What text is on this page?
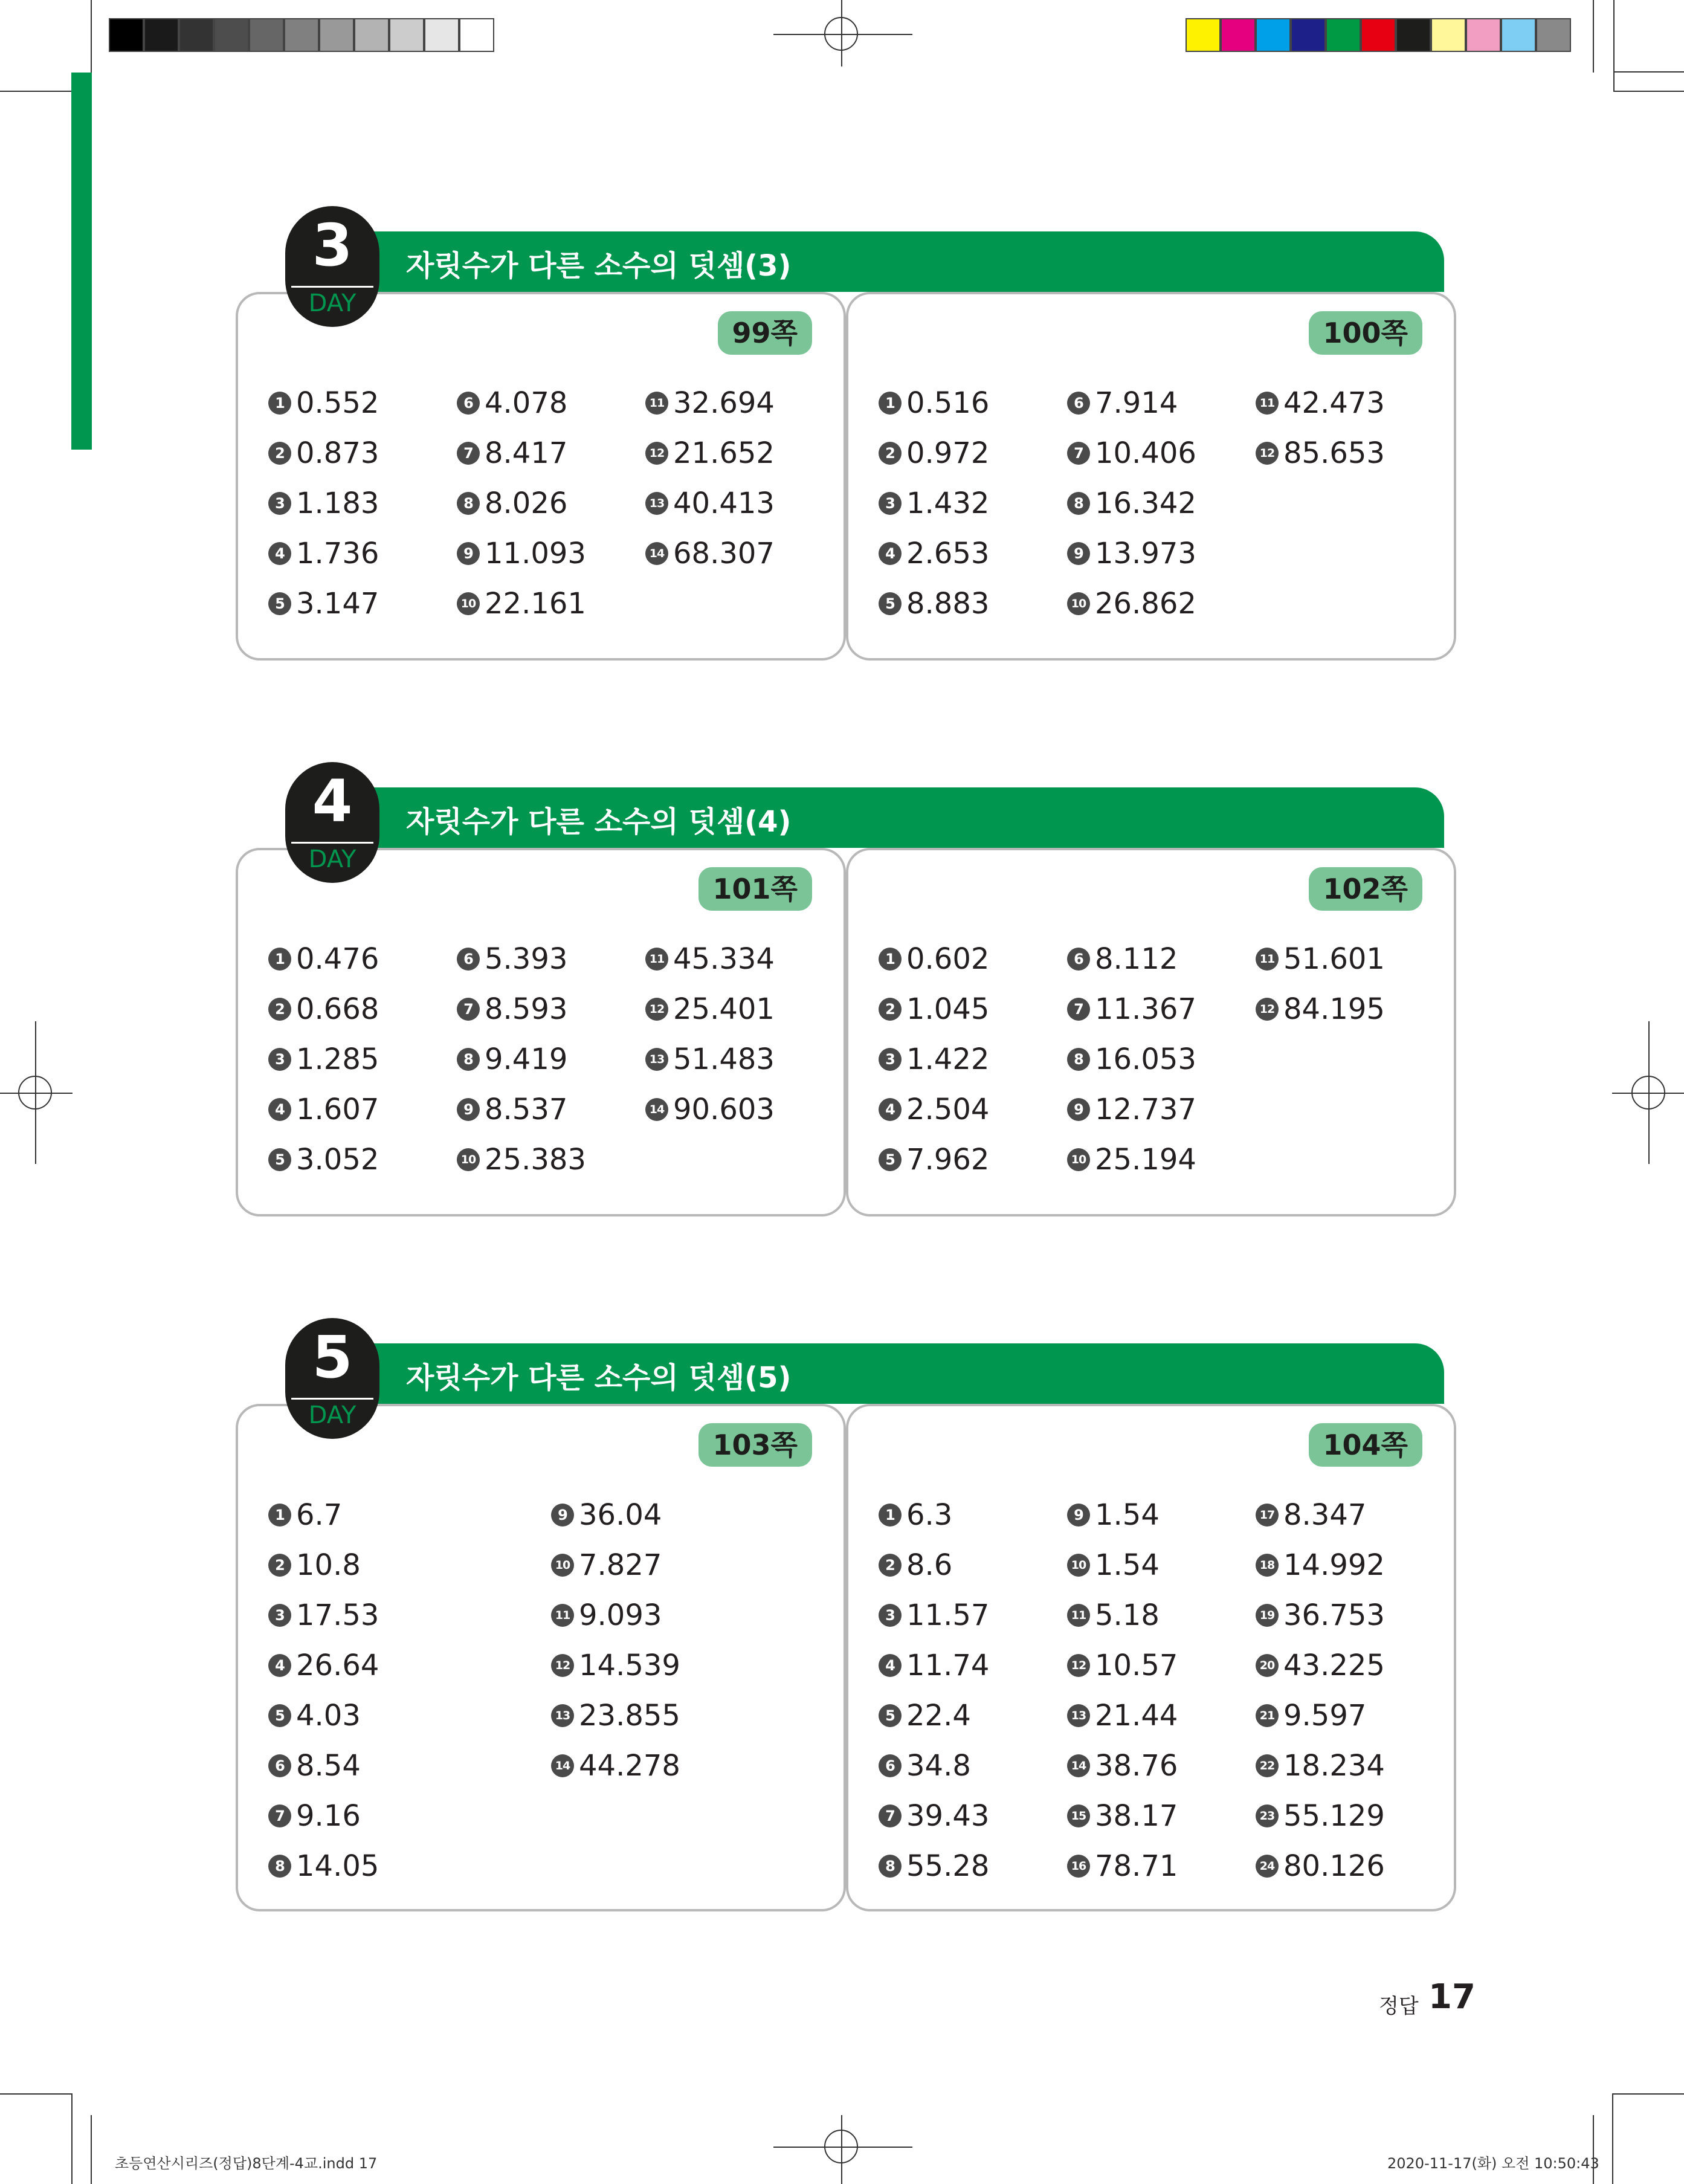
자릿수가 다른 소수의 덧셈(3)
99쪽
1 0.552
2 0.873
3 1.183
4 1.736
5 3.147
6 4.078
7 8.417
8 8.026
9 11.093
10 22.161
11 32.694
12 21.652
13 40.413
14 68.307
100쪽
1 0.516
2 0.972
3 1.432
4 2.653
5 8.883
6 7.914
7 10.406
8 16.342
9 13.973
10 26.862
11 42.473
12 85.653
3
DAY
자릿수가 다른 소수의 덧셈(4)
101쪽
1 0.476
2 0.668
3 1.285
4 1.607
5 3.052
6 5.393
7 8.593
8 9.419
9 8.537
10 25.383
11 45.334
12 25.401
13 51.483
14 90.603
102쪽
1 0.602
2 1.045
3 1.422
4 2.504
5 7.962
6 8.112
7 11.367
8 16.053
9 12.737
10 25.194
11 51.601
12 84.195
4
DAY
자릿수가 다른 소수의 덧셈(5)
103쪽
1 6.7
2 10.8
3 17.53
4 26.64
5 4.03
6 8.54
7 9.16
8 14.05
9 36.04
10 7.827
11 9.093
12 14.539
13 23.855
14 44.278
104쪽
1 6.3
2 8.6
3 11.57
4 11.74
5 22.4
6 34.8
7 39.43
8 55.28
9 1.54
10 1.54
11 5.18
12 10.57
13 21.44
14 38.76
15 38.17
16 78.71
17 8.347
18 14.992
19 36.753
20 43.225
21 9.597
22 18.234
23 55.129
24 80.126
5
DAY
정답 17
초등연산시리즈(정답)8단계-4교.indd 17	2020-11-17(화) 오전 10:50:43
